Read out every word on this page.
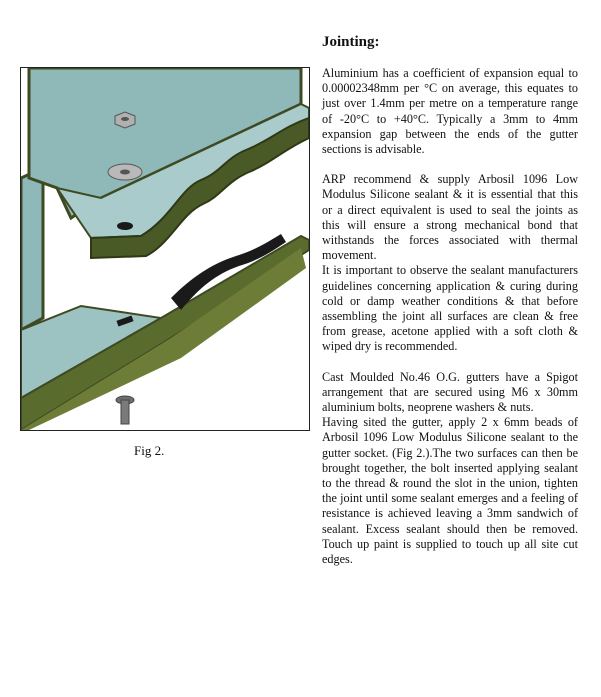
Fig 2.
Jointing:

Aluminium has a coefficient of expansion equal to 0.00002348mm per °C on average, this equates to just over 1.4mm per metre on a temperature range of -20°C to +40°C. Typically a 3mm to 4mm expansion gap between the ends of the gutter sections is advisable.

ARP recommend & supply Arbosil 1096 Low Modulus Silicone sealant & it is essential that this or a direct equivalent is used to seal the joints as this will ensure a strong mechanical bond that withstands the forces associated with thermal movement.

It is important to observe the sealant manufacturers guidelines concerning application & curing during cold or damp weather conditions & that before assembling the joint all surfaces are clean & free from grease, acetone applied with a soft cloth & wiped dry is recommended.

Cast Moulded No.46 O.G. gutters have a Spigot arrangement that are secured using M6 x 30mm aluminium bolts, neoprene washers & nuts.

Having sited the gutter, apply 2 x 6mm beads of Arbosil 1096 Low Modulus Silicone sealant to the gutter socket. (Fig 2.).The two surfaces can then be brought together, the bolt inserted applying sealant to the thread & round the slot in the union, tighten the joint until some sealant emerges and a feeling of resistance is achieved leaving a 3mm sandwich of sealant. Excess sealant should then be removed. Touch up paint is supplied to touch up all site cut edges.
